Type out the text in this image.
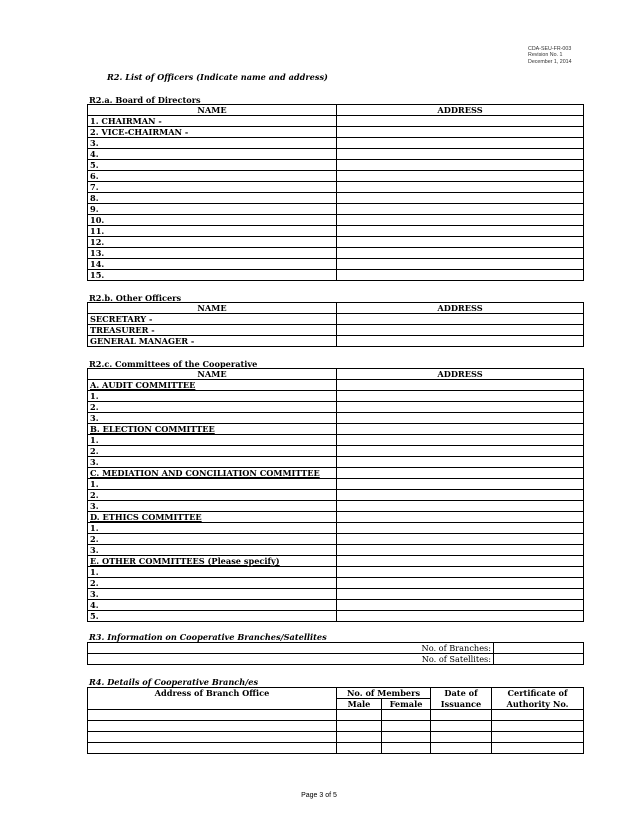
CDA-SEU-FR-003
Revision No. 1
December 1, 2014
R2. List of Officers (Indicate name and address)
R2.a. Board of Directors
NAME	ADDRESS
1. CHAIRMAN -	
2. VICE-CHAIRMAN -	
3.	
4.	
5.	
6.	
7.	
8.	
9.	
10.	
11.	
12.	
13.	
14.	
15.	
R2.b. Other Officers
NAME	ADDRESS
SECRETARY -	
TREASURER -	
GENERAL MANAGER -	
R2.c. Committees of the Cooperative
NAME	ADDRESS
A. AUDIT COMMITTEE	
1.	
2.	
3.	
B. ELECTION COMMITTEE	
1.	
2.	
3.	
C. MEDIATION AND CONCILIATION COMMITTEE	
1.	
2.	
3.	
D. ETHICS COMMITTEE	
1.	
2.	
3.	
E. OTHER COMMITTEES (Please specify)	
1.	
2.	
3.	
4.	
5.	
R3. Information on Cooperative Branches/Satellites
No. of Branches:	
No. of Satellites:	
R4. Details of Cooperative Branch/es
Address of Branch Office	No. of Members		Date of	Certificate of
	Male	Female	Issuance	Authority No.

Page 3 of 5
